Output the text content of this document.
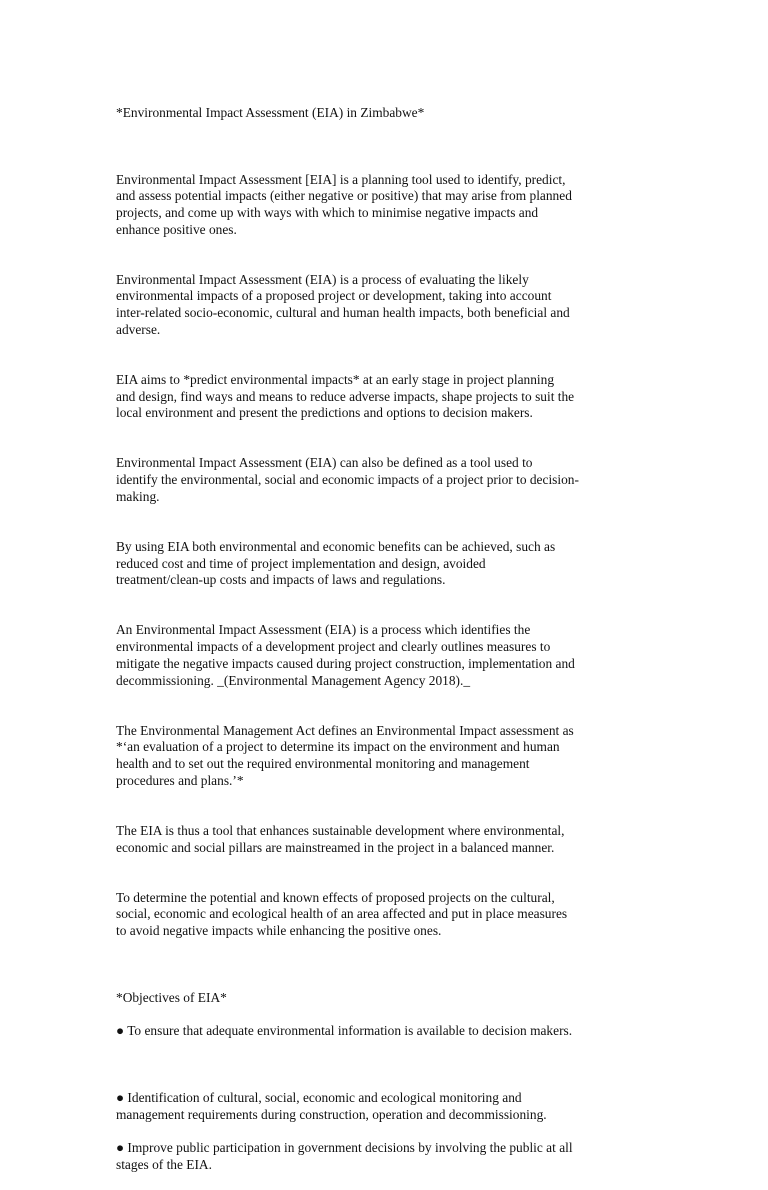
*Environmental Impact Assessment (EIA) in Zimbabwe*

Environmental Impact Assessment [EIA] is a planning tool used to identify, predict,
and assess potential impacts (either negative or positive) that may arise from planned
projects, and come up with ways with which to minimise negative impacts and
enhance positive ones.

Environmental Impact Assessment (EIA) is a process of evaluating the likely
environmental impacts of a proposed project or development, taking into account
inter-related socio-economic, cultural and human health impacts, both beneficial and
adverse.

EIA aims to *predict environmental impacts* at an early stage in project planning
and design, find ways and means to reduce adverse impacts, shape projects to suit the
local environment and present the predictions and options to decision makers.

Environmental Impact Assessment (EIA) can also be defined as a tool used to
identify the environmental, social and economic impacts of a project prior to decision-
making.

By using EIA both environmental and economic benefits can be achieved, such as
reduced cost and time of project implementation and design, avoided
treatment/clean-up costs and impacts of laws and regulations.

An Environmental Impact Assessment (EIA) is a process which identifies the
environmental impacts of a development project and clearly outlines measures to
mitigate the negative impacts caused during project construction, implementation and
decommissioning. _(Environmental Management Agency 2018)._

The Environmental Management Act defines an Environmental Impact assessment as
*‘an evaluation of a project to determine its impact on the environment and human
health and to set out the required environmental monitoring and management
procedures and plans.’*

The EIA is thus a tool that enhances sustainable development where environmental,
economic and social pillars are mainstreamed in the project in a balanced manner.

To determine the potential and known effects of proposed projects on the cultural,
social, economic and ecological health of an area affected and put in place measures
to avoid negative impacts while enhancing the positive ones.

*Objectives of EIA*

● To ensure that adequate environmental information is available to decision makers.

● Identification of cultural, social, economic and ecological monitoring and
management requirements during construction, operation and decommissioning.

● Improve public participation in government decisions by involving the public at all
stages of the EIA.
